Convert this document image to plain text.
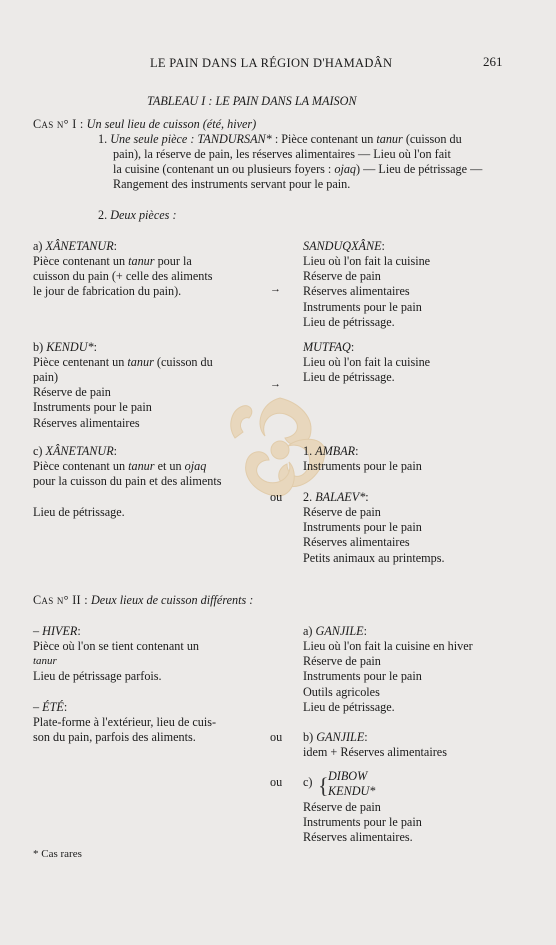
LE PAIN DANS LA RÉGION D'HAMADÂN	261
TABLEAU I : LE PAIN DANS LA MAISON
Cas n° I : Un seul lieu de cuisson (été, hiver)
1. Une seule pièce : TANDURSAN* : Pièce contenant un tanur (cuisson du
pain), la réserve de pain, les réserves alimentaires — Lieu où l'on fait
la cuisine (contenant un ou plusieurs foyers : ojaq) — Lieu de pétrissage —
Rangement des instruments servant pour le pain.
2. Deux pièces :
a) XÂNETANUR:
Pièce contenant un tanur pour la
cuisson du pain (+ celle des aliments
le jour de fabrication du pain).	→
SANDUQXÂNE:
Lieu où l'on fait la cuisine
Réserve de pain
Réserves alimentaires
Instruments pour le pain
Lieu de pétrissage.
b) KENDU*:
Pièce centenant un tanur (cuisson du
pain)
Réserve de pain
Instruments pour le pain
Réserves alimentaires
→
MUTFAQ:
Lieu où l'on fait la cuisine
Lieu de pétrissage.
c) XÂNETANUR:
Pièce contenant un tanur et un ojaq
pour la cuisson du pain et des aliments
Lieu de pétrissage.
ou
1. AMBAR:
Instruments pour le pain
2. BALAEV*:
Réserve de pain
Instruments pour le pain
Réserves alimentaires
Petits animaux au printemps.
Cas n° II : Deux lieux de cuisson différents :
– HIVER:
Pièce où l'on se tient contenant un
tanur
Lieu de pétrissage parfois.
– ÉTÉ:
Plate-forme à l'extérieur, lieu de cuis-
son du pain, parfois des aliments.
a) GANJILE:
Lieu où l'on fait la cuisine en hiver
Réserve de pain
Instruments pour le pain
Outils agricoles
Lieu de pétrissage.
ou b) GANJILE:
idem + Réserves alimentaires
ou c) { DIBOW
KENDU*
Réserve de pain
Instruments pour le pain
Réserves alimentaires.
* Cas rares
